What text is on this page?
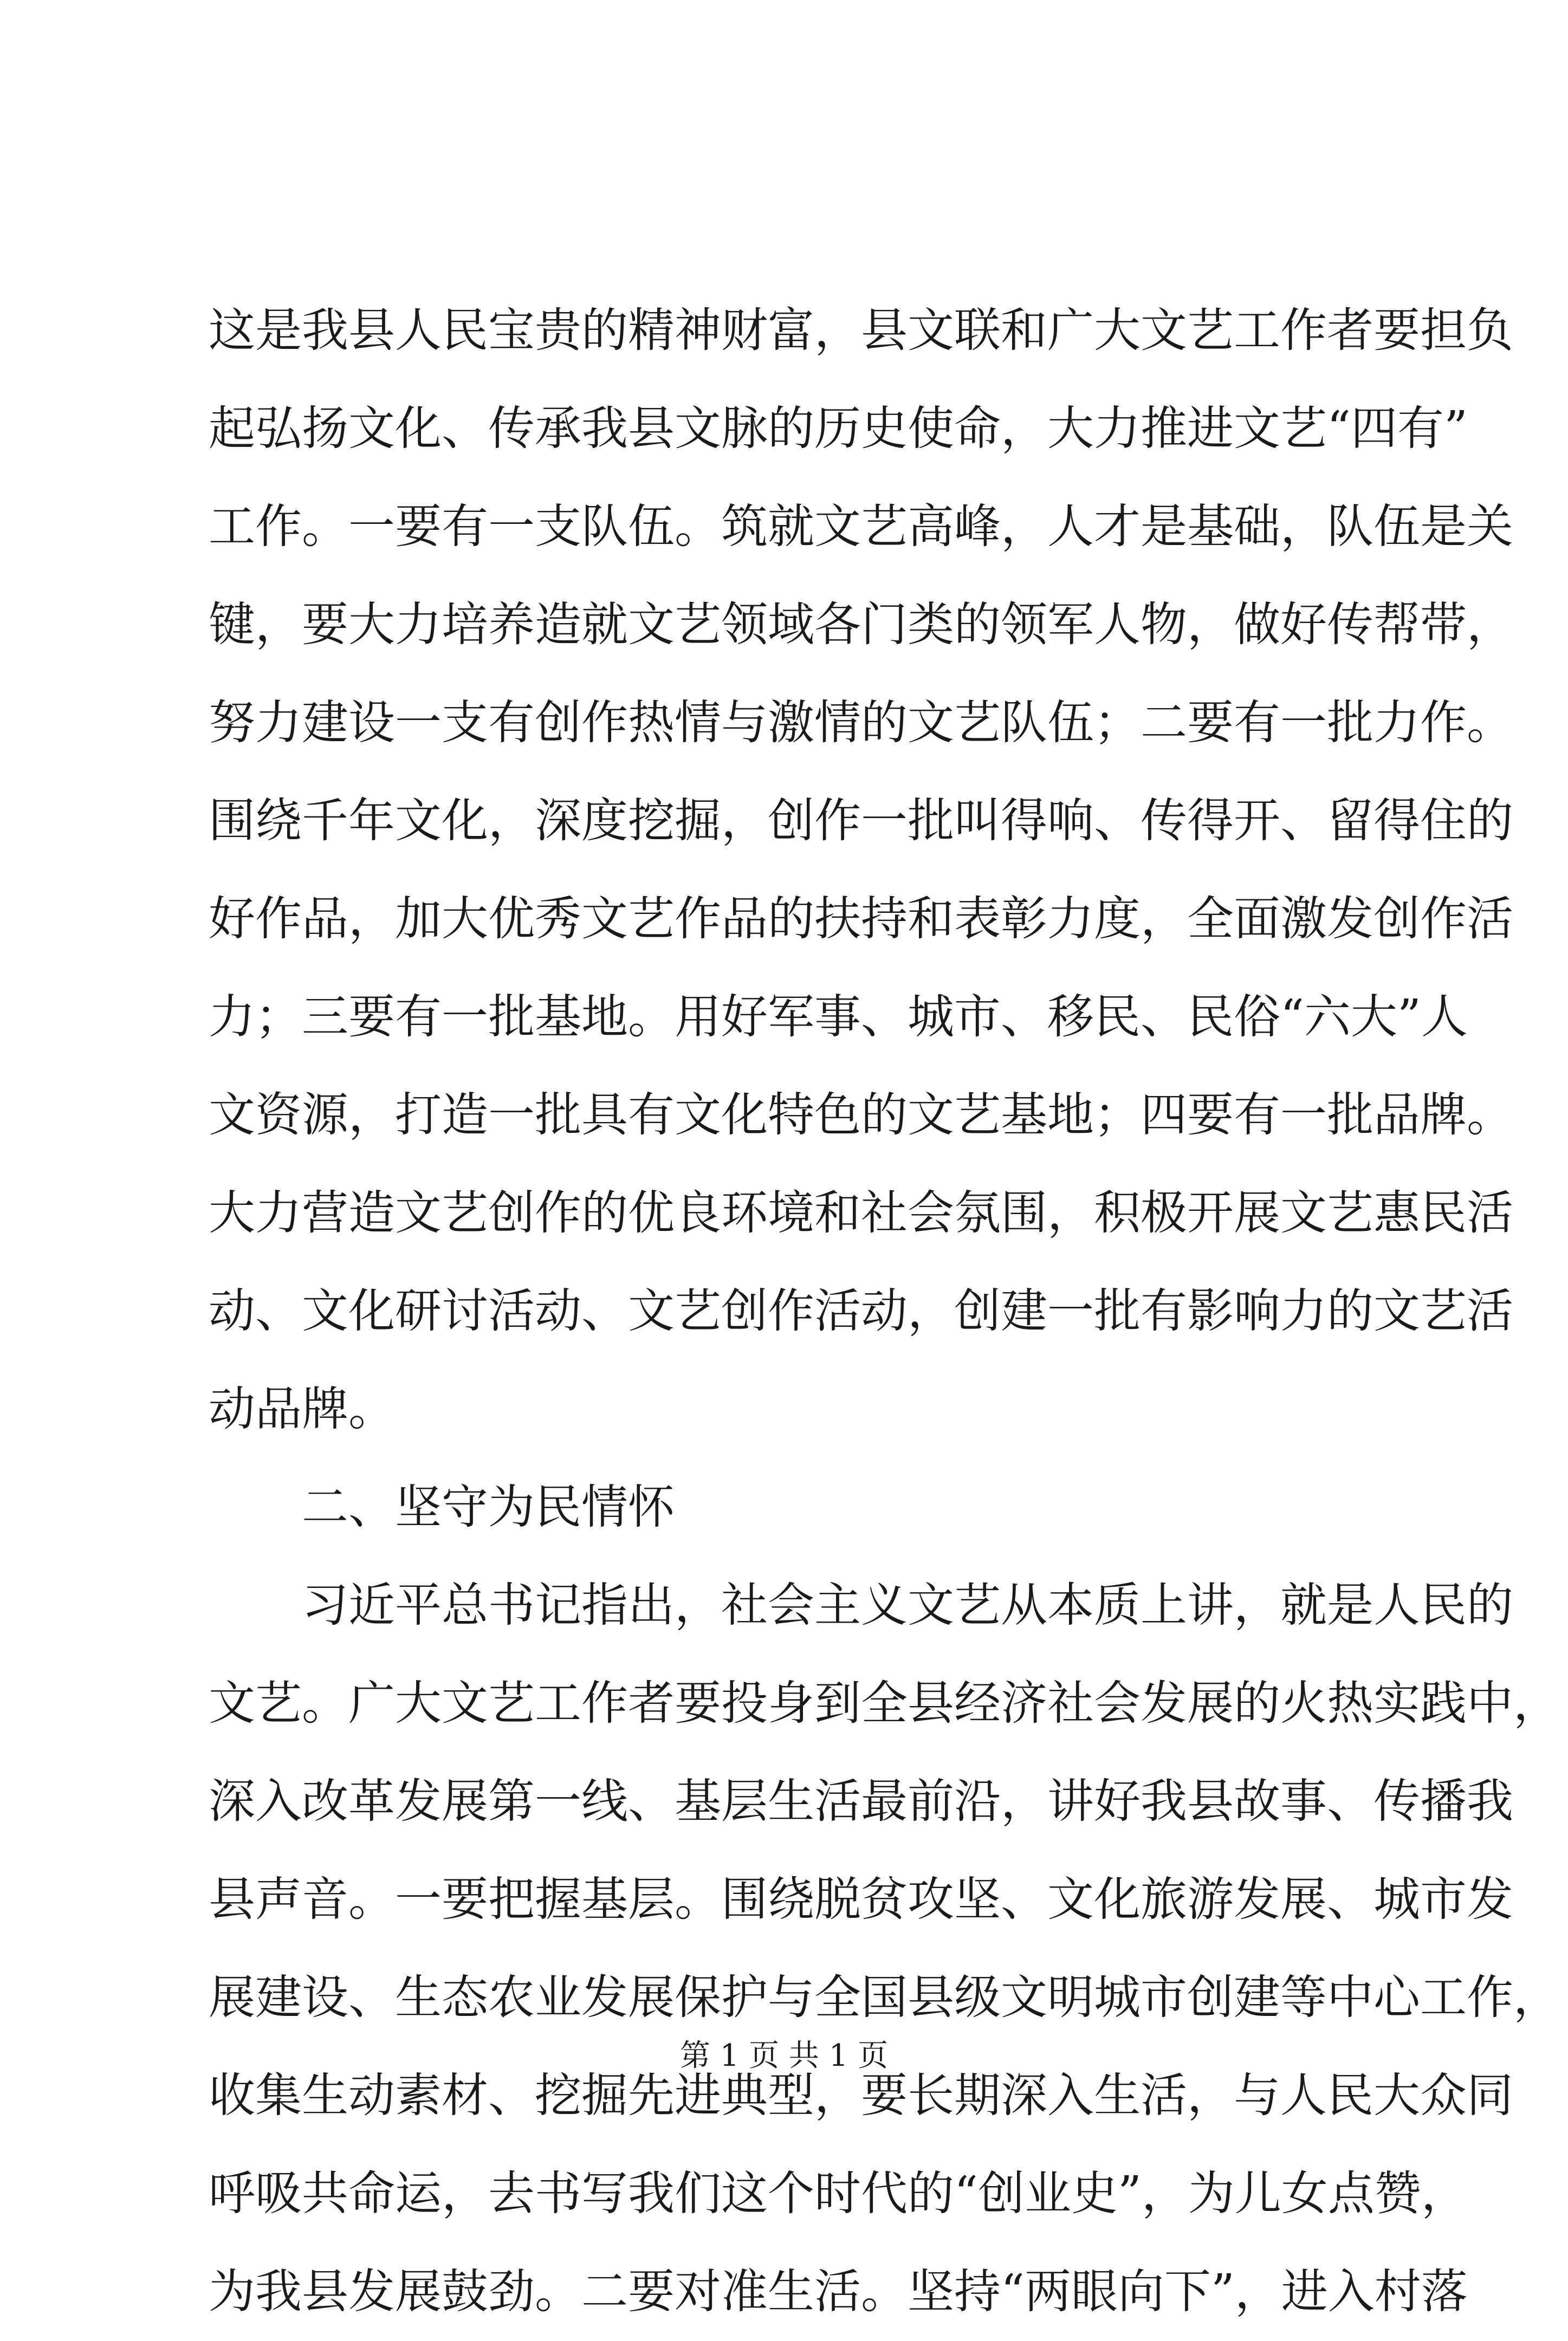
这是我县人民宝贵的精神财富，县文联和广大文艺工作者要担负
起弘扬文化、传承我县文脉的历史使命，大力推进文艺“四有”
工作。一要有一支队伍。筑就文艺高峰，人才是基础，队伍是关
键，要大力培养造就文艺领域各门类的领军人物，做好传帮带，
努力建设一支有创作热情与激情的文艺队伍；二要有一批力作。
围绕千年文化，深度挖掘，创作一批叫得响、传得开、留得住的
好作品，加大优秀文艺作品的扶持和表彰力度，全面激发创作活
力；三要有一批基地。用好军事、城市、移民、民俗“六大”人
文资源，打造一批具有文化特色的文艺基地；四要有一批品牌。
大力营造文艺创作的优良环境和社会氛围，积极开展文艺惠民活
动、文化研讨活动、文艺创作活动，创建一批有影响力的文艺活
动品牌。
二、坚守为民情怀
习近平总书记指出，社会主义文艺从本质上讲，就是人民的
文艺。广大文艺工作者要投身到全县经济社会发展的火热实践中，
深入改革发展第一线、基层生活最前沿，讲好我县故事、传播我
县声音。一要把握基层。围绕脱贫攻坚、文化旅游发展、城市发
展建设、生态农业发展保护与全国县级文明城市创建等中心工作，
收集生动素材、挖掘先进典型，要长期深入生活，与人民大众同
呼吸共命运，去书写我们这个时代的“创业史”，为儿女点赞，
为我县发展鼓劲。二要对准生活。坚持“两眼向下”，进入村落
第 1 页 共 1 页
